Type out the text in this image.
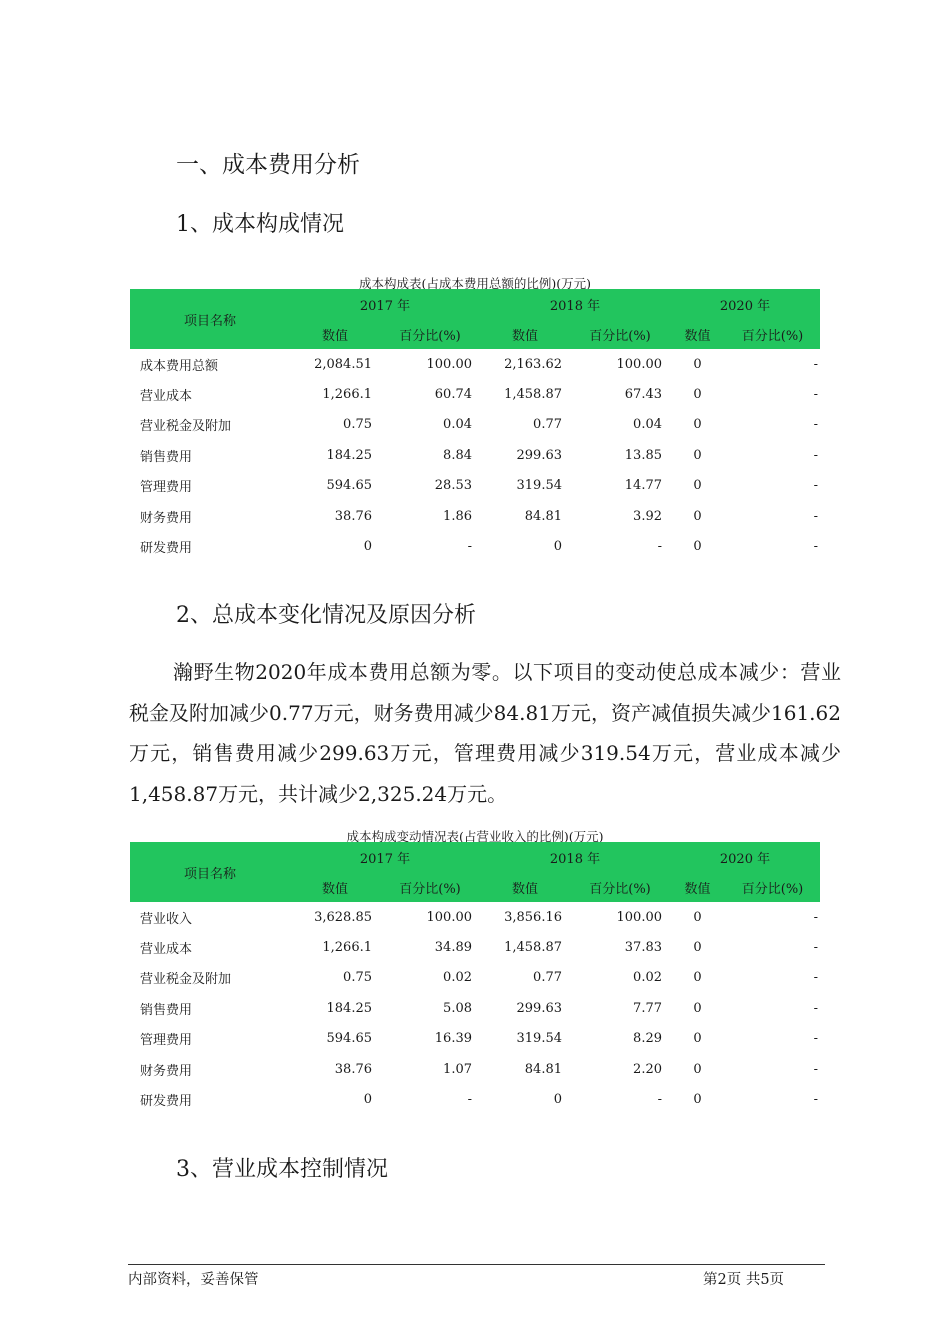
一、成本费用分析
1、成本构成情况
成本构成表(占成本费用总额的比例)(万元)
项目名称	2017 年		2018 年		2020 年	
	数值	百分比(%)	数值	百分比(%)	数值	百分比(%)
成本费用总额	2,084.51	100.00	2,163.62	100.00	0	-
营业成本	1,266.1	60.74	1,458.87	67.43	0	-
营业税金及附加	0.75	0.04	0.77	0.04	0	-
销售费用	184.25	8.84	299.63	13.85	0	-
管理费用	594.65	28.53	319.54	14.77	0	-
财务费用	38.76	1.86	84.81	3.92	0	-
研发费用	0	-	0	-	0	-
2、总成本变化情况及原因分析
瀚野生物2020年成本费用总额为零。以下项目的变动使总成本减少：营业税金及附加减少0.77万元，财务费用减少84.81万元，资产减值损失减少161.62万元，销售费用减少299.63万元，管理费用减少319.54万元，营业成本减少1,458.87万元，共计减少2,325.24万元。
成本构成变动情况表(占营业收入的比例)(万元)
项目名称	2017 年		2018 年		2020 年	
	数值	百分比(%)	数值	百分比(%)	数值	百分比(%)
营业收入	3,628.85	100.00	3,856.16	100.00	0	-
营业成本	1,266.1	34.89	1,458.87	37.83	0	-
营业税金及附加	0.75	0.02	0.77	0.02	0	-
销售费用	184.25	5.08	299.63	7.77	0	-
管理费用	594.65	16.39	319.54	8.29	0	-
财务费用	38.76	1.07	84.81	2.20	0	-
研发费用	0	-	0	-	0	-
3、营业成本控制情况
内部资料，妥善保管	第2页 共5页
